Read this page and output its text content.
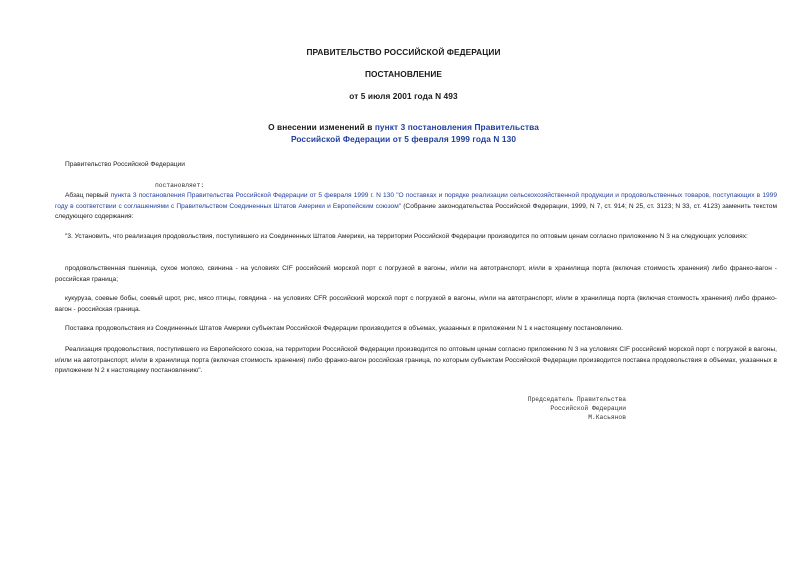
ПРАВИТЕЛЬСТВО РОССИЙСКОЙ ФЕДЕРАЦИИ
ПОСТАНОВЛЕНИЕ
от 5 июля 2001 года N 493
О внесении изменений в пункт 3 постановления Правительства
Российской Федерации от 5 февраля 1999 года N 130
Правительство Российской Федерации
постановляет:
Абзац первый пункта 3 постановления Правительства Российской Федерации от 5 февраля 1999 г. N 130 "О поставках и порядке реализации сельскохозяйственной продукции и продовольственных товаров, поступающих в 1999 году в соответствии с соглашениями с Правительством Соединенных Штатов Америки и Европейским союзом" (Собрание законодательства Российской Федерации, 1999, N 7, ст. 914; N 25, ст. 3123; N 33, ст. 4123) заменить текстом следующего содержания:
"3. Установить, что реализация продовольствия, поступившего из Соединенных Штатов Америки, на территории Российской Федерации производится по оптовым ценам согласно приложению N 3 на следующих условиях:
продовольственная пшеница, сухое молоко, свинина - на условиях CIF российский морской порт с погрузкой в вагоны, и/или на автотранспорт, и/или в хранилища порта (включая стоимость хранения) либо франко-вагон - российская граница;
кукуруза, соевые бобы, соевый шрот, рис, мясо птицы, говядина - на условиях CFR российский морской порт с погрузкой в вагоны, и/или на автотранспорт, и/или в хранилища порта (включая стоимость хранения) либо франко-вагон - российская граница.
Поставка продовольствия из Соединенных Штатов Америки субъектам Российской Федерации производится в объемах, указанных в приложении N 1 к настоящему постановлению.
Реализация продовольствия, поступившего из Европейского союза, на территории Российской Федерации производится по оптовым ценам согласно приложению N 3 на условиях CIF российский морской порт с погрузкой в вагоны, и/или на автотранспорт, и/или в хранилища порта (включая стоимость хранения) либо франко-вагон российская граница, по которым субъектам Российской Федерации производится поставка продовольствия в объемах, указанных в приложении N 2 к настоящему постановлению".
Председатель Правительства
Российской Федерации
М.Касьянов
